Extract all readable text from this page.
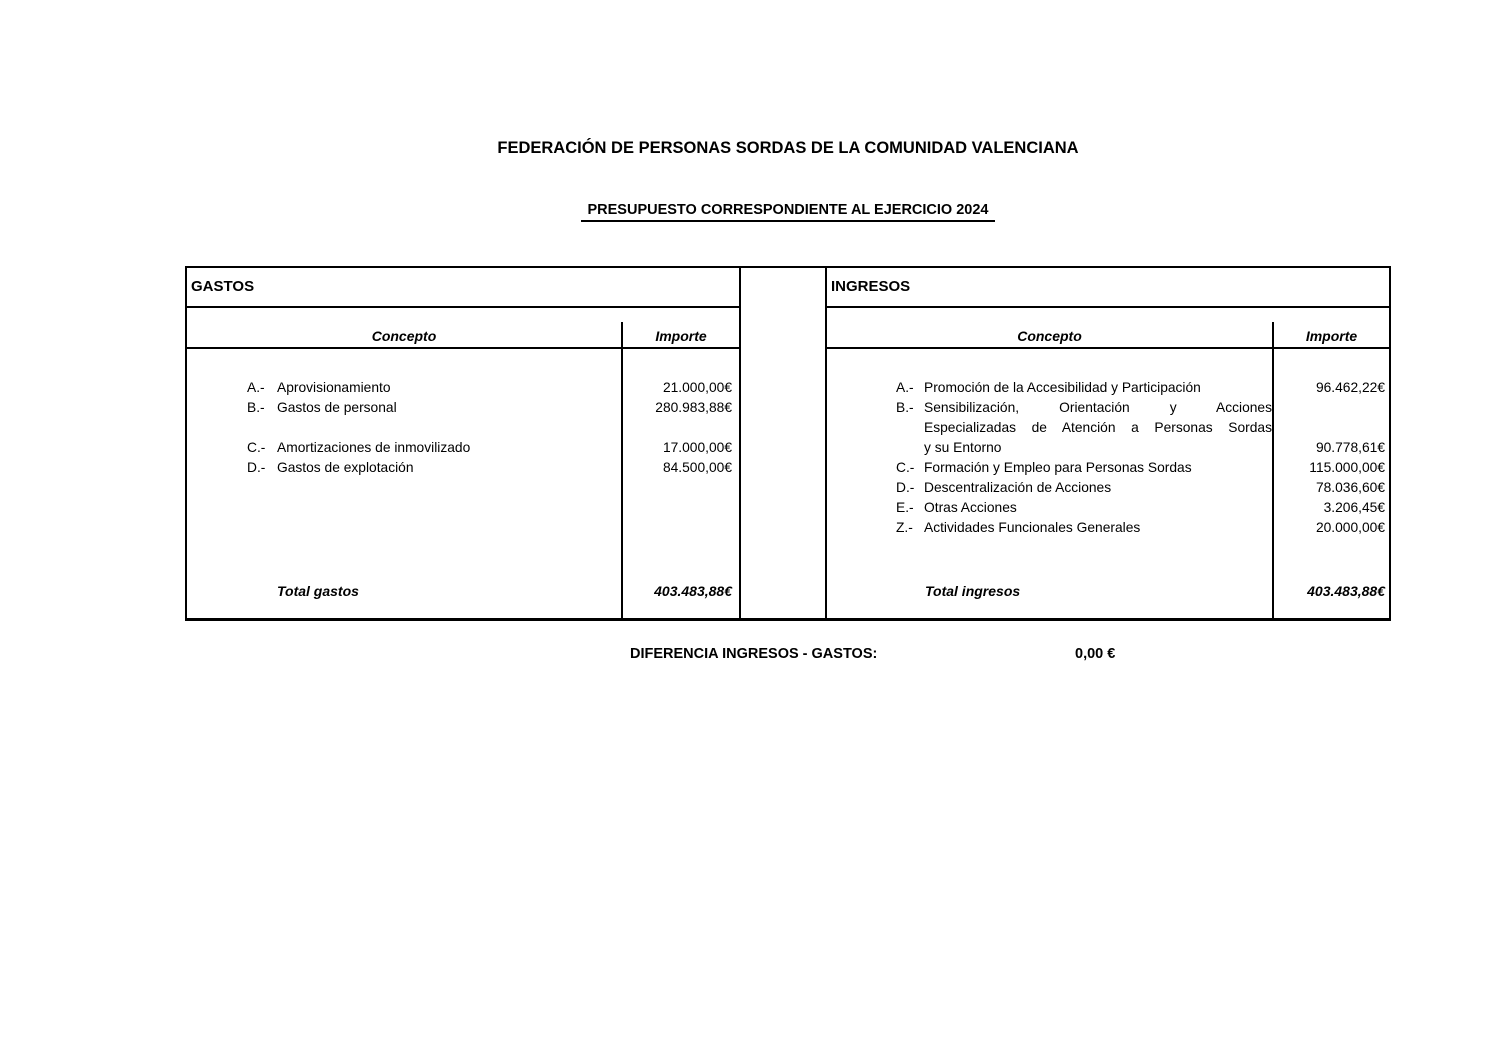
FEDERACIÓN DE PERSONAS SORDAS DE LA COMUNIDAD VALENCIANA
PRESUPUESTO CORRESPONDIENTE AL EJERCICIO 2024
GASTOS
Concepto	Importe
A.- Aprovisionamiento	21.000,00€
B.- Gastos de personal	280.983,88€
C.- Amortizaciones de inmovilizado	17.000,00€
D.- Gastos de explotación	84.500,00€
Total gastos	403.483,88€
INGRESOS
Concepto	Importe
A.- Promoción de la Accesibilidad y Participación	96.462,22€
B.- Sensibilización, Orientación y Acciones
Especializadas de Atención a Personas Sordas
y su Entorno	90.778,61€
C.- Formación y Empleo para Personas Sordas	115.000,00€
D.- Descentralización de Acciones	78.036,60€
E.- Otras Acciones	3.206,45€
Z.- Actividades Funcionales Generales	20.000,00€
Total ingresos	403.483,88€
DIFERENCIA INGRESOS - GASTOS:	0,00 €
